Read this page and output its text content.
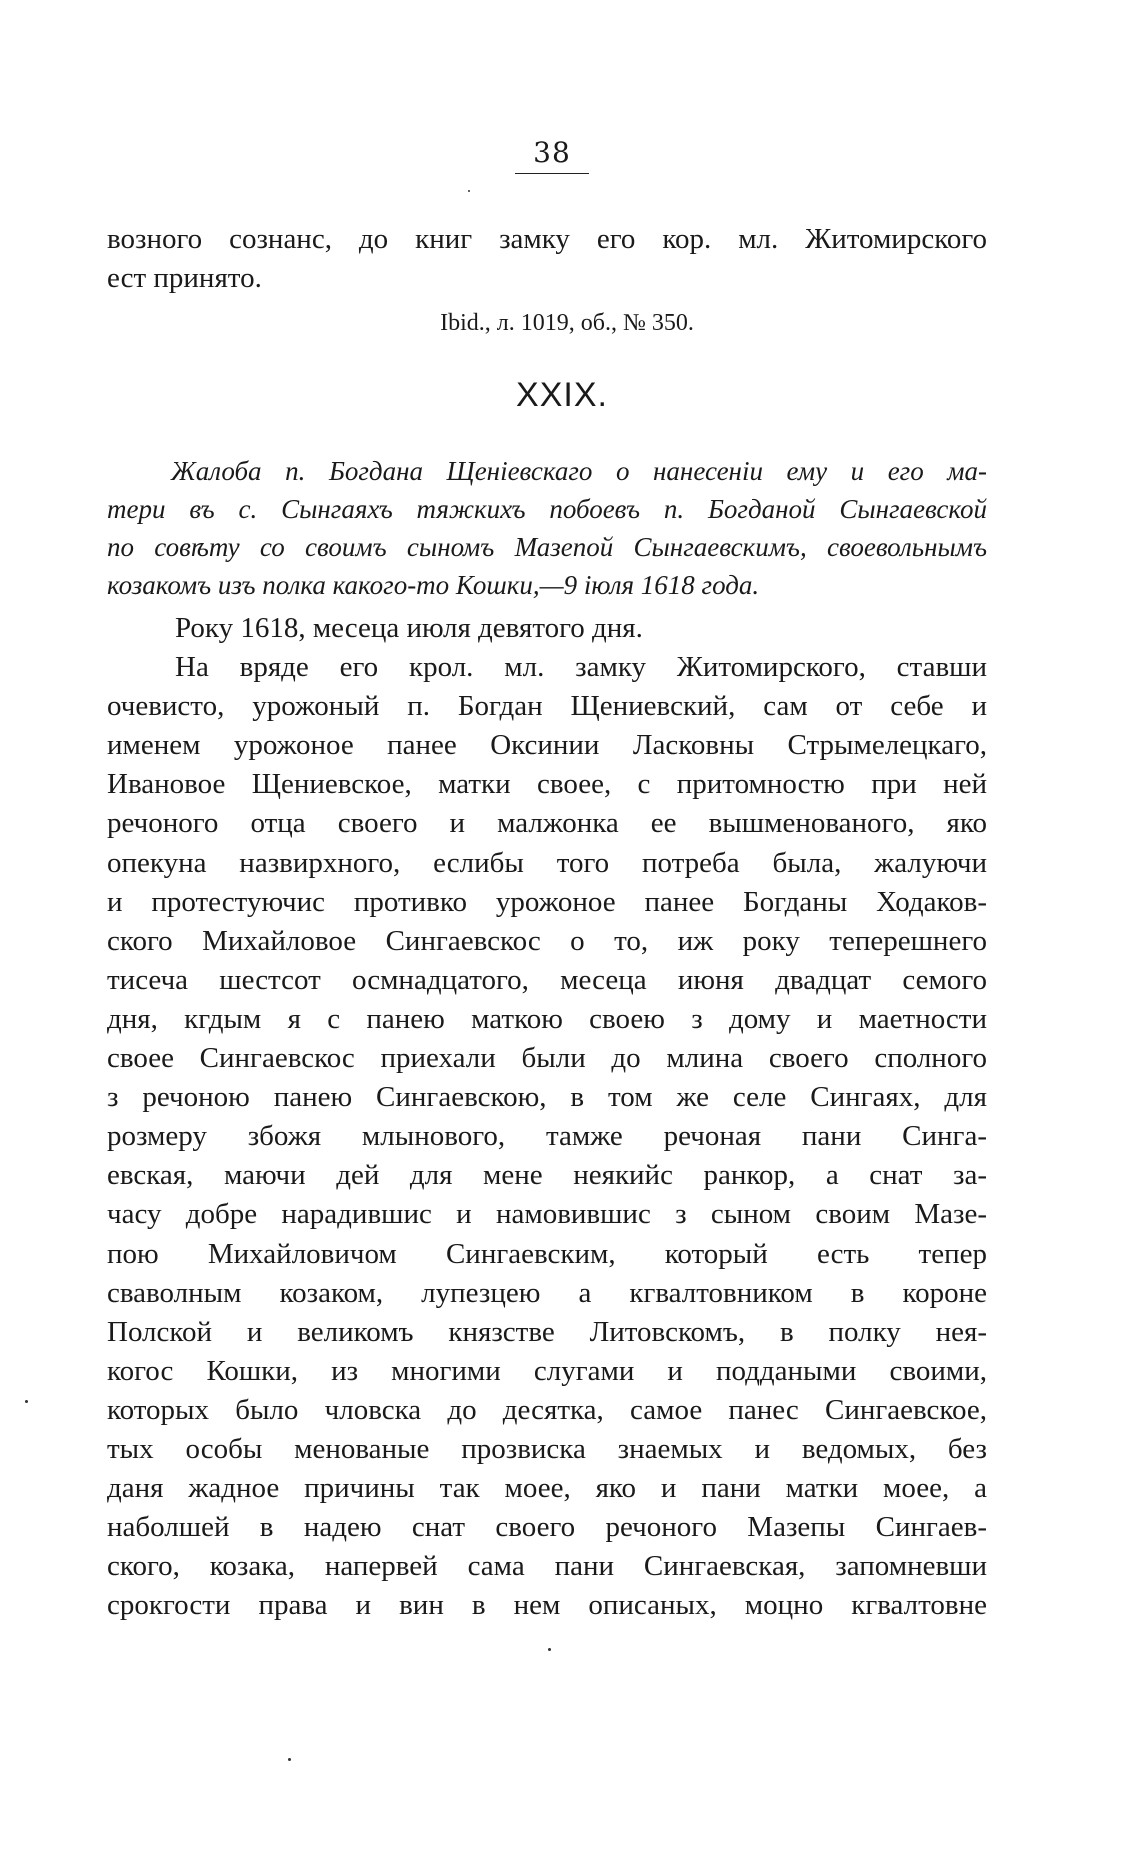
38
возного сознанс, до книг замку его кор. мл. Житомирского
ест принято.
Ibid., л. 1019, об., № 350.
XXIX.
Жалоба п. Богдана Щенiевскаго о нанесенiи ему и его ма-
тери въ с. Сынгаяхъ тяжкихъ побоевъ п. Богданой Сынгаевской
по совѣту со своимъ сыномъ Мазепой Сынгаевскимъ, своевольнымъ
козакомъ изъ полка какого-то Кошки,—9 iюля 1618 года.
Року 1618, месеца июля девятого дня.
На вряде его крол. мл. замку Житомирского, ставши
очевисто, урожоный п. Богдан Щениевский, сам от себе и
именем урожоное панее Оксинии Ласковны Стрымелецкаго,
Ивановое Щениевское, матки своее, с притомностю при ней
речоного отца своего и малжонка ее вышменованого, яко
опекуна назвирхного, еслибы того потреба была, жалуючи
и протестуючис противко урожоное панее Богданы Ходаков-
ского Михайловое Сингаевскос о то, иж року теперешнего
тисеча шестсот осмнадцатого, месеца июня двадцат семого
дня, кгдым я с панею маткою своею з дому и маетности
своее Сингаевскос приехали были до млина своего сполного
з речоною панею Сингаевскою, в том же селе Сингаях, для
розмеру збожя млынового, тамже речоная пани Синга-
евская, маючи дей для мене неякийс ранкор, а снат за-
часу добре нарадившис и намовившис з сыном своим Мазе-
пою Михайловичом Сингаевским, который есть тепер
сваволным козаком, лупезцею а кгвалтовником в короне
Полской и великомъ князстве Литовскомъ, в полку нея-
когос Кошки, из многими слугами и поддаными своими,
которых было чловска до десятка, самое панес Сингаевское,
тых особы менованые прозвиска знаемых и ведомых, без
даня жадное причины так моее, яко и пани матки моее, а
наболшей в надею снат своего речоного Мазепы Сингаев-
ского, козака, напервей сама пани Сингаевская, запомневши
срокгости права и вин в нем описаных, моцно кгвалтовне
